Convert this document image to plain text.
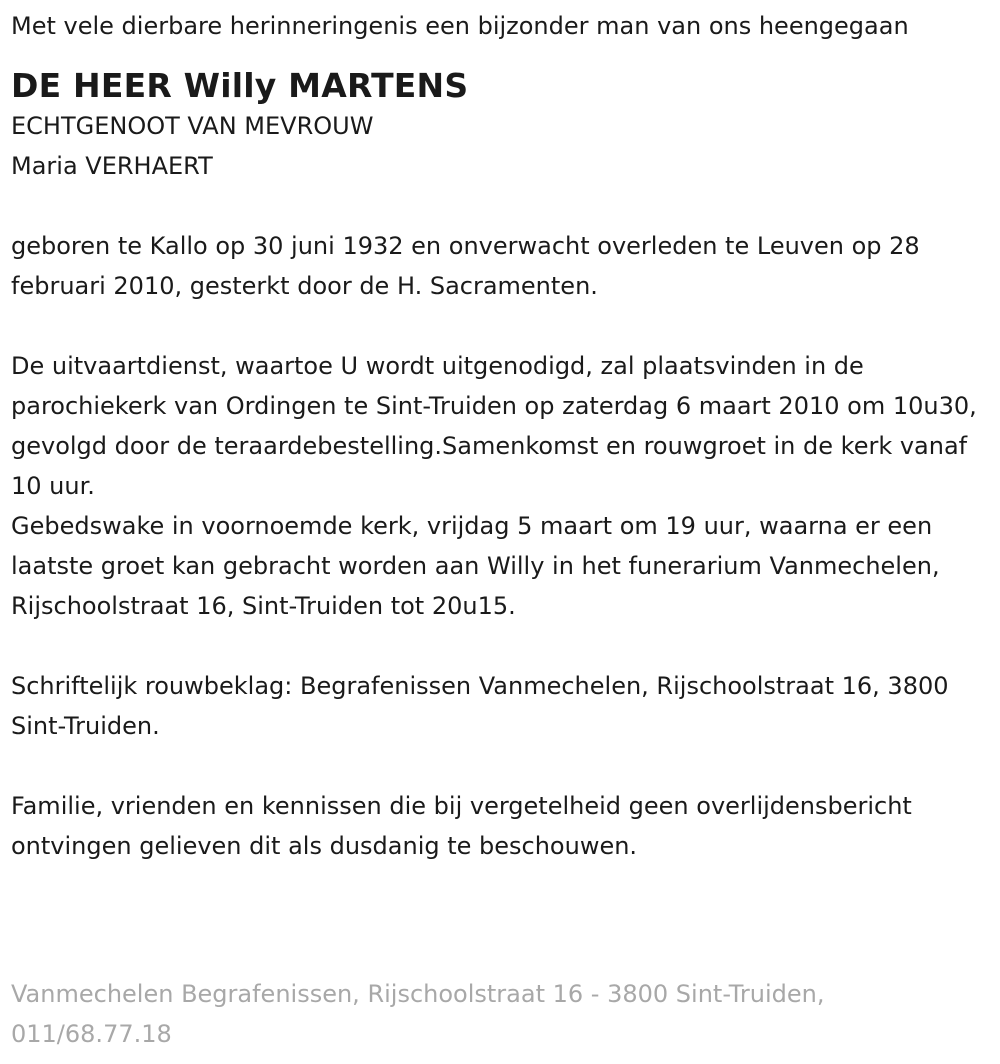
Met vele dierbare herinneringenis een bijzonder man van ons heengegaan

DE HEER Willy MARTENS

ECHTGENOOT VAN MEVROUW

Maria VERHAERT

geboren te Kallo op 30 juni 1932 en onverwacht overleden te Leuven op 28 februari 2010, gesterkt door de H. Sacramenten.

De uitvaartdienst, waartoe U wordt uitgenodigd, zal plaatsvinden in de parochiekerk van Ordingen te Sint-Truiden op zaterdag 6 maart 2010 om 10u30, gevolgd door de teraardebestelling.Samenkomst en rouwgroet in de kerk vanaf 10 uur.

Gebedswake in voornoemde kerk, vrijdag 5 maart om 19 uur, waarna er een laatste groet kan gebracht worden aan Willy in het funerarium Vanmechelen, Rijschoolstraat 16, Sint-Truiden tot 20u15.

Schriftelijk rouwbeklag: Begrafenissen Vanmechelen, Rijschoolstraat 16, 3800 Sint-Truiden.

Familie, vrienden en kennissen die bij vergetelheid geen overlijdensbericht ontvingen gelieven dit als dusdanig te beschouwen.

Vanmechelen Begrafenissen, Rijschoolstraat 16 - 3800 Sint-Truiden, 011/68.77.18
